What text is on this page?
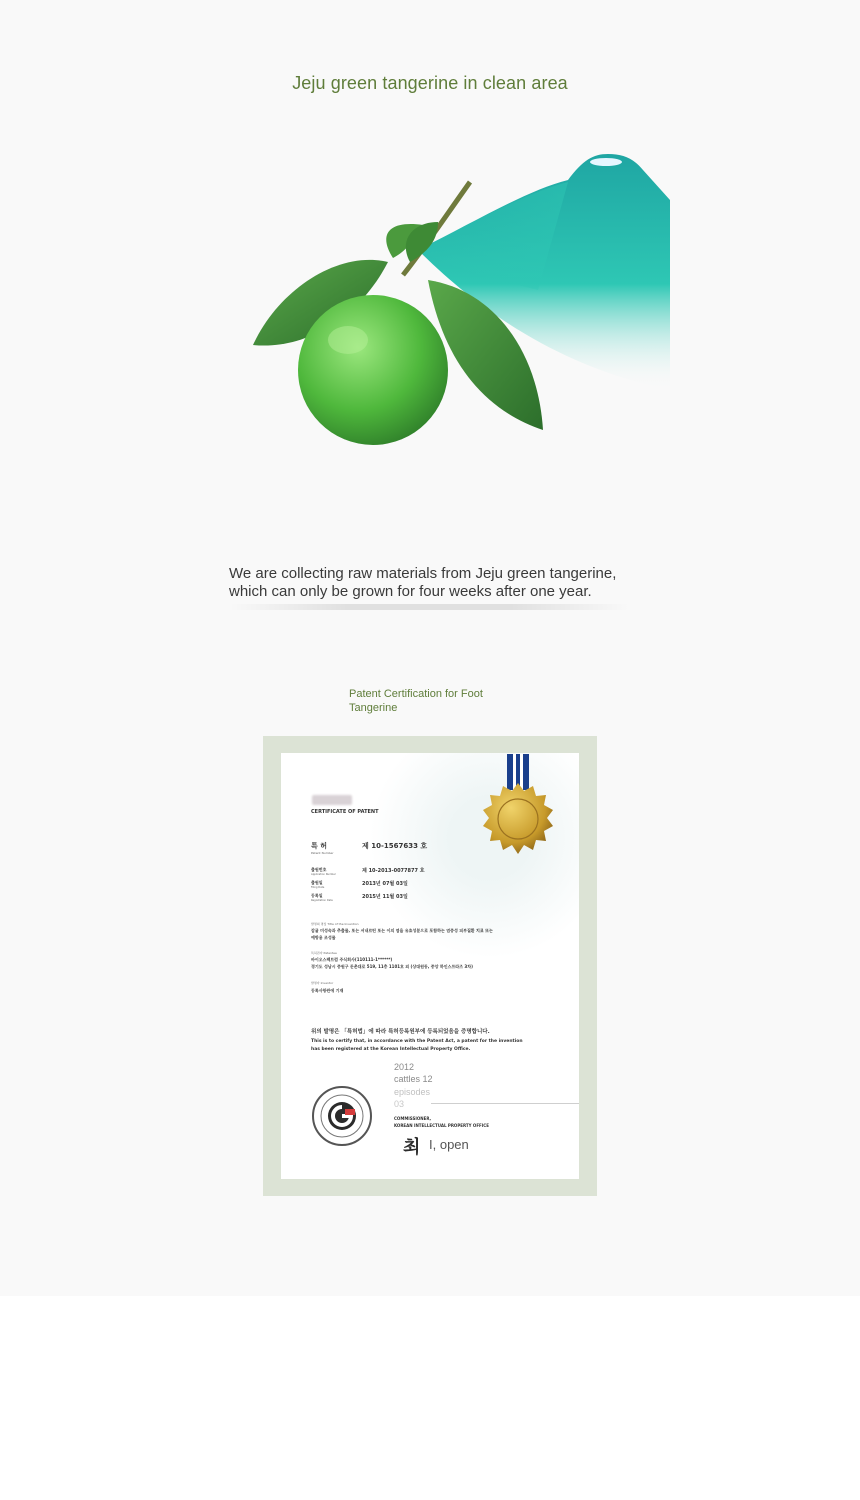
Jeju green tangerine in clean area
We are collecting raw materials from Jeju green tangerine,
which can only be grown for four weeks after one year.
Patent Certification for Foot Tangerine
CERTIFICATE OF PATENT
특 허
Patent Number
제 10-1567633 호
출원번호
Application Number
제 10-2013-0077877 호
출원일
Filing Date
2013년 07월 03일
등록일
Registration Date
2015년 11월 03일
발명의 명칭 Title of the Invention
감귤 미성숙과 추출물, 또는 서내르틴 또는 이의 염을 유효성분으로 포함하는 염증성 피부질환 치료 또는
예방용 조성물
특허권자 Patentee
바이오스펙트럼 주식회사(110111-1******)
경기도 성남시 중원구 둔촌대로 519, 11층 1101호 외 (상대원동, 중앙 하인스프라즈 3차)
발명자 Inventor
등록사항란에 기재
위의 발명은 「특허법」에 따라 특허등록원부에 등록되었음을 증명합니다.
This is to certify that, in accordance with the Patent Act, a patent for the invention
has been registered at the Korean Intellectual Property Office.
2012
cattles 12
episodes
03
COMMISSIONER,
KOREAN INTELLECTUAL PROPERTY OFFICE
최 I, open
